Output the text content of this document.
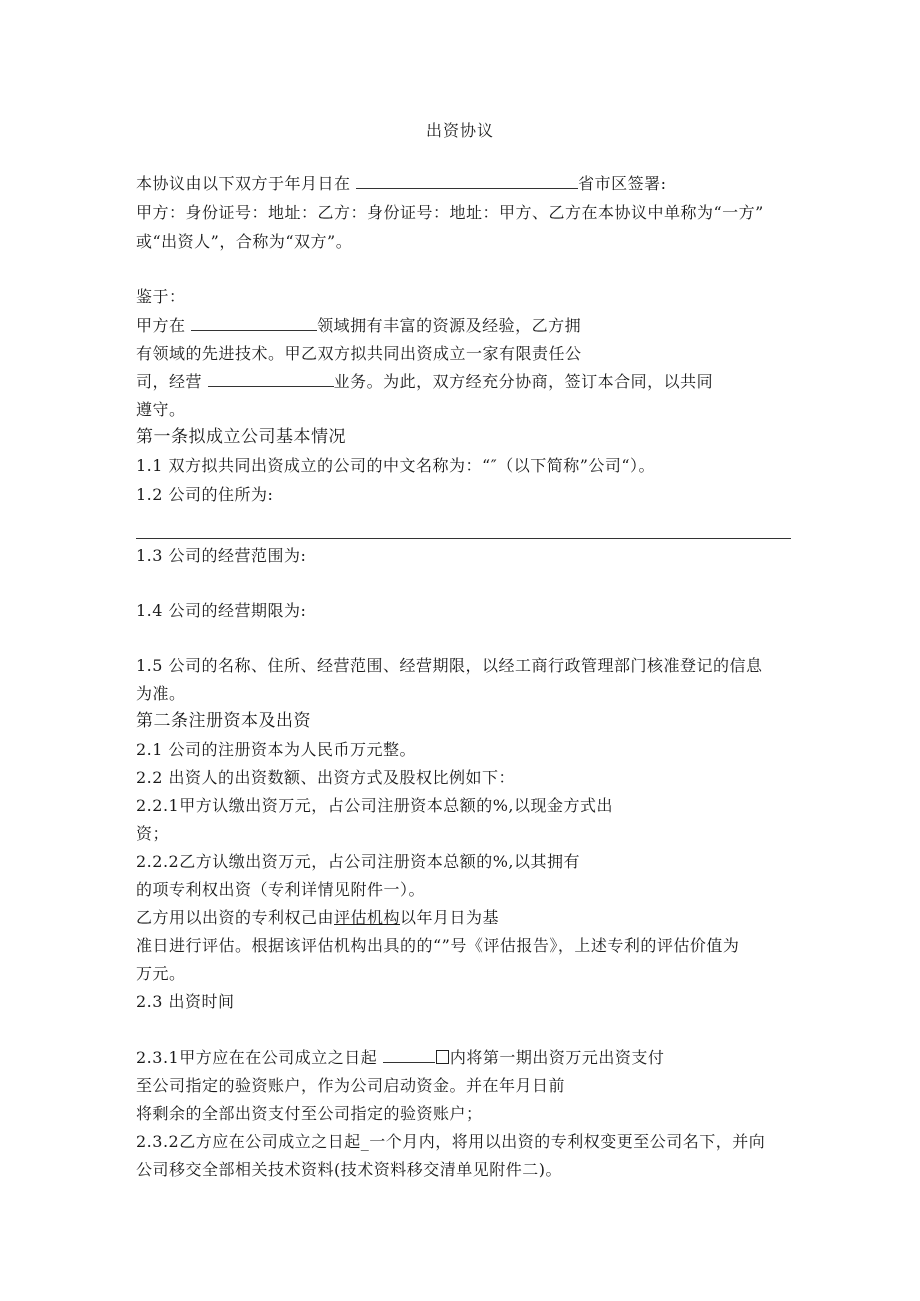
出资协议
本协议由以下双方于年月日在	省市区签署:
甲方：身份证号：地址：乙方：身份证号：地址：甲方、乙方在本协议中单称为“一方”
或“出资人”，合称为“双方”。
鉴于：
甲方在	领域拥有丰富的资源及经验，乙方拥
有领域的先进技术。甲乙双方拟共同出资成立一家有限责任公
司，经营	业务。为此，双方经充分协商，签订本合同，以共同
遵守。
第一条拟成立公司基本情况
1.1 双方拟共同出资成立的公司的中文名称为：“″（以下简称”公司“）。
1.2 公司的住所为:
1.3 公司的经营范围为:
1.4 公司的经营期限为:
1.5 公司的名称、住所、经营范围、经营期限，以经工商行政管理部门核准登记的信息
为准。
第二条注册资本及出资
2.1 公司的注册资本为人民币万元整。
2.2 出资人的出资数额、出资方式及股权比例如下：
2.2.1甲方认缴出资万元，占公司注册资本总额的%,以现金方式出
资；
2.2.2乙方认缴出资万元，占公司注册资本总额的%,以其拥有
的项专利权出资（专利详情见附件一）。
乙方用以出资的专利权己由评估机构以年月日为基
准日进行评估。根据该评估机构出具的的“”号《评估报告》，上述专利的评估价值为
万元。
2.3 出资时间
2.3.1甲方应在在公司成立之日起	内将第一期出资万元出资支付
至公司指定的验资账户，作为公司启动资金。并在年月日前
将剩余的全部出资支付至公司指定的验资账户；
2.3.2乙方应在公司成立之日起_一个月内，将用以出资的专利权变更至公司名下，并向
公司移交全部相关技术资料(技术资料移交清单见附件二)。
